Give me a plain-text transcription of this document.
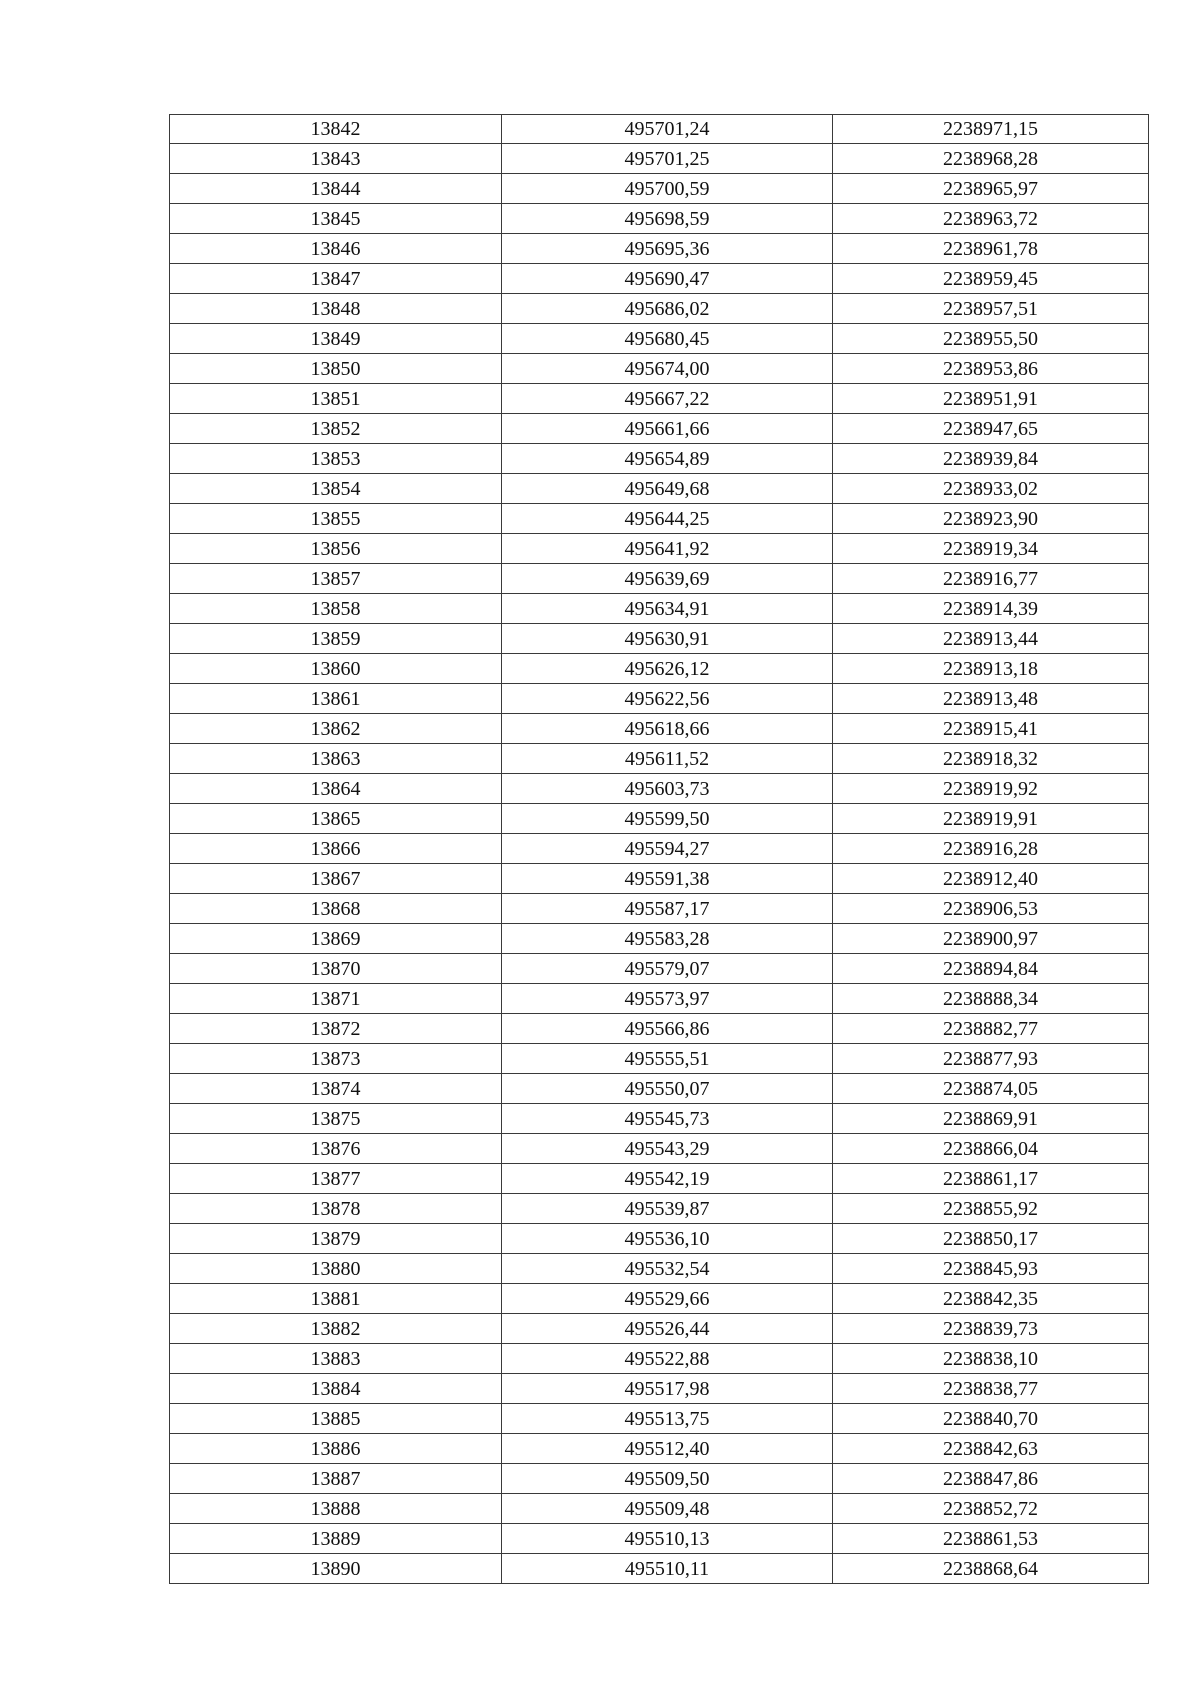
13842	495701,24	2238971,15
13843	495701,25	2238968,28
13844	495700,59	2238965,97
13845	495698,59	2238963,72
13846	495695,36	2238961,78
13847	495690,47	2238959,45
13848	495686,02	2238957,51
13849	495680,45	2238955,50
13850	495674,00	2238953,86
13851	495667,22	2238951,91
13852	495661,66	2238947,65
13853	495654,89	2238939,84
13854	495649,68	2238933,02
13855	495644,25	2238923,90
13856	495641,92	2238919,34
13857	495639,69	2238916,77
13858	495634,91	2238914,39
13859	495630,91	2238913,44
13860	495626,12	2238913,18
13861	495622,56	2238913,48
13862	495618,66	2238915,41
13863	495611,52	2238918,32
13864	495603,73	2238919,92
13865	495599,50	2238919,91
13866	495594,27	2238916,28
13867	495591,38	2238912,40
13868	495587,17	2238906,53
13869	495583,28	2238900,97
13870	495579,07	2238894,84
13871	495573,97	2238888,34
13872	495566,86	2238882,77
13873	495555,51	2238877,93
13874	495550,07	2238874,05
13875	495545,73	2238869,91
13876	495543,29	2238866,04
13877	495542,19	2238861,17
13878	495539,87	2238855,92
13879	495536,10	2238850,17
13880	495532,54	2238845,93
13881	495529,66	2238842,35
13882	495526,44	2238839,73
13883	495522,88	2238838,10
13884	495517,98	2238838,77
13885	495513,75	2238840,70
13886	495512,40	2238842,63
13887	495509,50	2238847,86
13888	495509,48	2238852,72
13889	495510,13	2238861,53
13890	495510,11	2238868,64
